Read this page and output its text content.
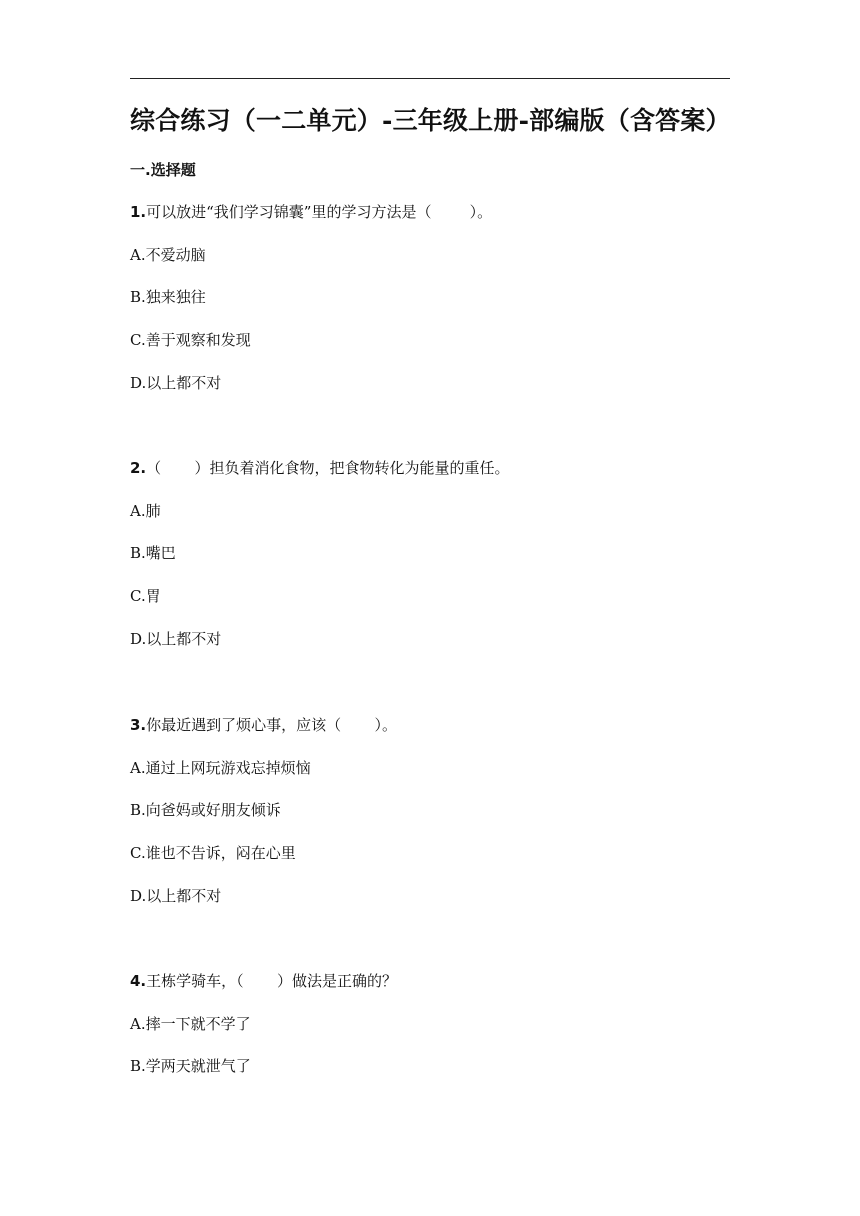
综合练习（一二单元）-三年级上册-部编版（含答案）
一.选择题
1.可以放进“我们学习锦囊”里的学习方法是（        ）。
A.不爱动脑
B.独来独往
C.善于观察和发现
D.以上都不对
2.（       ）担负着消化食物，把食物转化为能量的重任。
A.肺
B.嘴巴
C.胃
D.以上都不对
3.你最近遇到了烦心事，应该（       ）。
A.通过上网玩游戏忘掉烦恼
B.向爸妈或好朋友倾诉
C.谁也不告诉，闷在心里
D.以上都不对
4.王栋学骑车，（       ）做法是正确的？
A.摔一下就不学了
B.学两天就泄气了
